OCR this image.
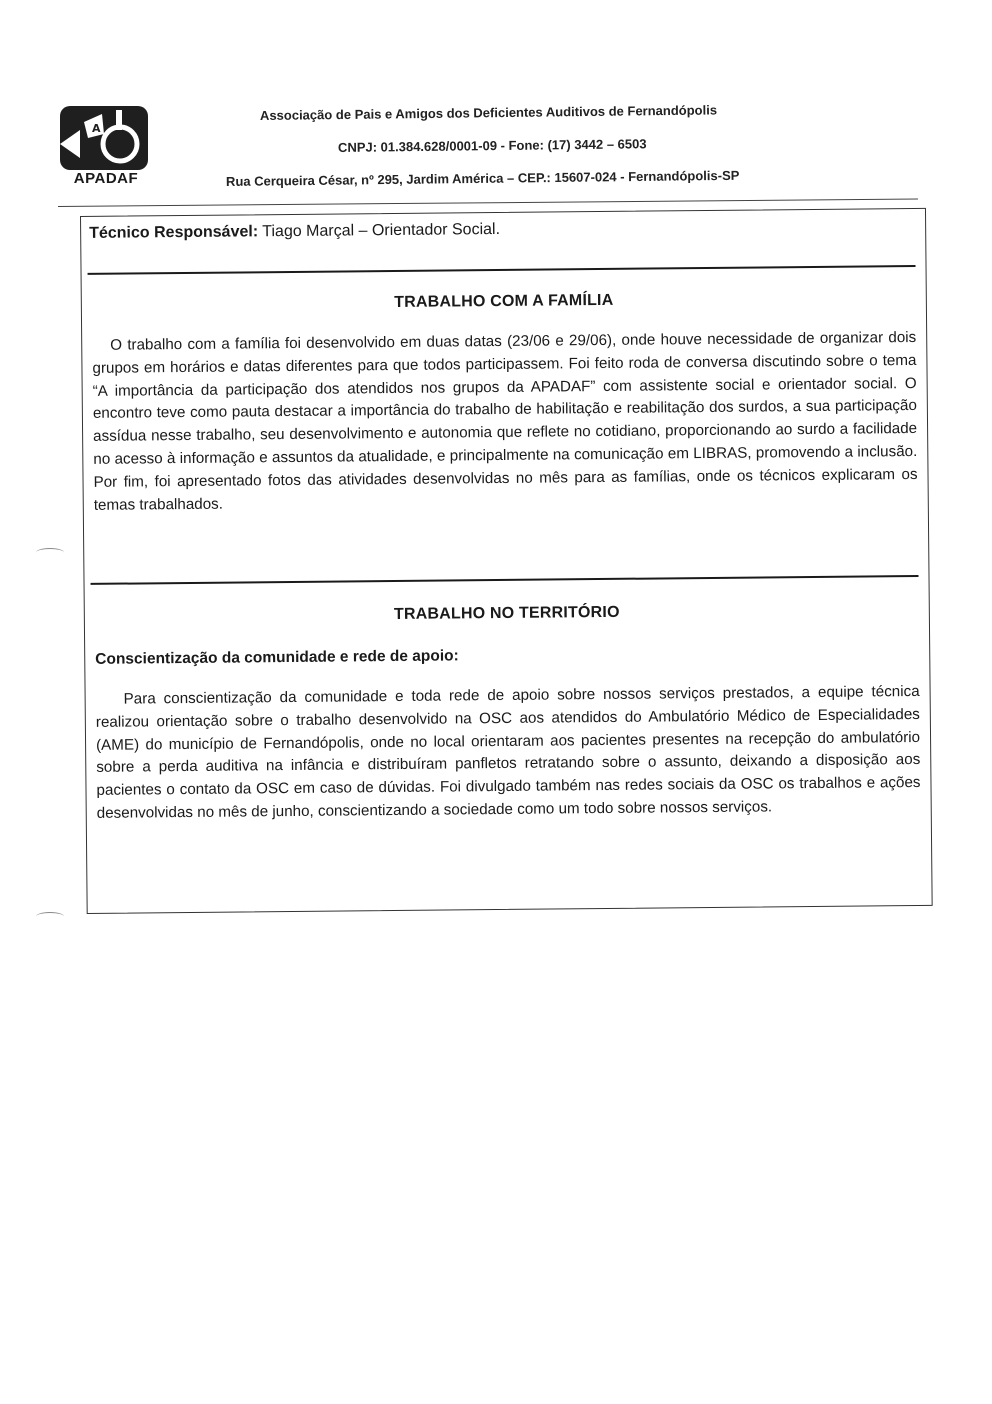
A
APADAF
Associação de Pais e Amigos dos Deficientes Auditivos de Fernandópolis
CNPJ: 01.384.628/0001-09 - Fone: (17) 3442 – 6503
Rua Cerqueira César, nº 295, Jardim América – CEP.: 15607-024 - Fernandópolis-SP
Técnico Responsável: Tiago Marçal – Orientador Social.
TRABALHO COM A FAMÍLIA
O trabalho com a família foi desenvolvido em duas datas (23/06 e 29/06), onde houve necessidade de organizar dois grupos em horários e datas diferentes para que todos participassem. Foi feito roda de conversa discutindo sobre o tema “A importância da participação dos atendidos nos grupos da APADAF” com assistente social e orientador social. O encontro teve como pauta destacar a importância do trabalho de habilitação e reabilitação dos surdos, a sua participação assídua nesse trabalho, seu desenvolvimento e autonomia que reflete no cotidiano, proporcionando ao surdo a facilidade no acesso à informação e assuntos da atualidade, e principalmente na comunicação em LIBRAS, promovendo a inclusão. Por fim, foi apresentado fotos das atividades desenvolvidas no mês para as famílias, onde os técnicos explicaram os temas trabalhados.
TRABALHO NO TERRITÓRIO
Conscientização da comunidade e rede de apoio:
Para conscientização da comunidade e toda rede de apoio sobre nossos serviços prestados, a equipe técnica realizou orientação sobre o trabalho desenvolvido na OSC aos atendidos do Ambulatório Médico de Especialidades (AME) do município de Fernandópolis, onde no local orientaram aos pacientes presentes na recepção do ambulatório sobre a perda auditiva na infância e distribuíram panfletos retratando sobre o assunto, deixando a disposição aos pacientes o contato da OSC em caso de dúvidas. Foi divulgado também nas redes sociais da OSC os trabalhos e ações desenvolvidas no mês de junho, conscientizando a sociedade como um todo sobre nossos serviços.
